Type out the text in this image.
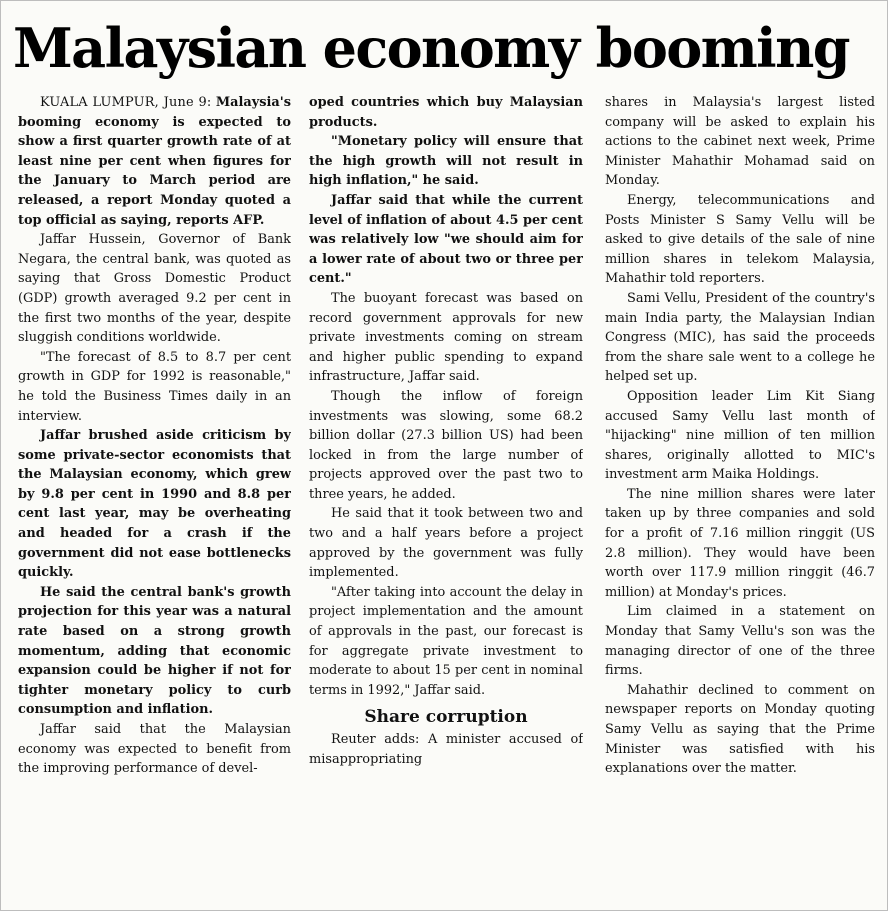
Malaysian economy booming

KUALA LUMPUR, June 9: Malaysia's booming economy is expected to show a first quarter growth rate of at least nine per cent when figures for the January to March period are released, a report Monday quoted a top official as saying, reports AFP.

Jaffar Hussein, Governor of Bank Negara, the central bank, was quoted as saying that Gross Domestic Product (GDP) growth averaged 9.2 per cent in the first two months of the year, despite sluggish conditions worldwide.

"The forecast of 8.5 to 8.7 per cent growth in GDP for 1992 is reasonable," he told the Business Times daily in an interview.

Jaffar brushed aside criticism by some private-sector economists that the Malaysian economy, which grew by 9.8 per cent in 1990 and 8.8 per cent last year, may be overheating and headed for a crash if the government did not ease bottlenecks quickly.

He said the central bank's growth projection for this year was a natural rate based on a strong growth momentum, adding that economic expansion could be higher if not for tighter monetary policy to curb consumption and inflation.

Jaffar said that the Malaysian economy was expected to benefit from the improving performance of devel-

oped countries which buy Malaysian products.

"Monetary policy will ensure that the high growth will not result in high inflation," he said.

Jaffar said that while the current level of inflation of about 4.5 per cent was relatively low "we should aim for a lower rate of about two or three per cent."

The buoyant forecast was based on record government approvals for new private investments coming on stream and higher public spending to expand infrastructure, Jaffar said.

Though the inflow of foreign investments was slowing, some 68.2 billion dollar (27.3 billion US) had been locked in from the large number of projects approved over the past two to three years, he added.

He said that it took between two and two and a half years before a project approved by the government was fully implemented.

"After taking into account the delay in project implementation and the amount of approvals in the past, our forecast is for aggregate private investment to moderate to about 15 per cent in nominal terms in 1992," Jaffar said.

Share corruption

Reuter adds: A minister accused of misappropriating

shares in Malaysia's largest listed company will be asked to explain his actions to the cabinet next week, Prime Minister Mahathir Mohamad said on Monday.

Energy, telecommunications and Posts Minister S Samy Vellu will be asked to give details of the sale of nine million shares in telekom Malaysia, Mahathir told reporters.

Sami Vellu, President of the country's main India party, the Malaysian Indian Congress (MIC), has said the proceeds from the share sale went to a college he helped set up.

Opposition leader Lim Kit Siang accused Samy Vellu last month of "hijacking" nine million of ten million shares, originally allotted to MIC's investment arm Maika Holdings.

The nine million shares were later taken up by three companies and sold for a profit of 7.16 million ringgit (US 2.8 million). They would have been worth over 117.9 million ringgit (46.7 million) at Monday's prices.

Lim claimed in a statement on Monday that Samy Vellu's son was the managing director of one of the three firms.

Mahathir declined to comment on newspaper reports on Monday quoting Samy Vellu as saying that the Prime Minister was satisfied with his explanations over the matter.
